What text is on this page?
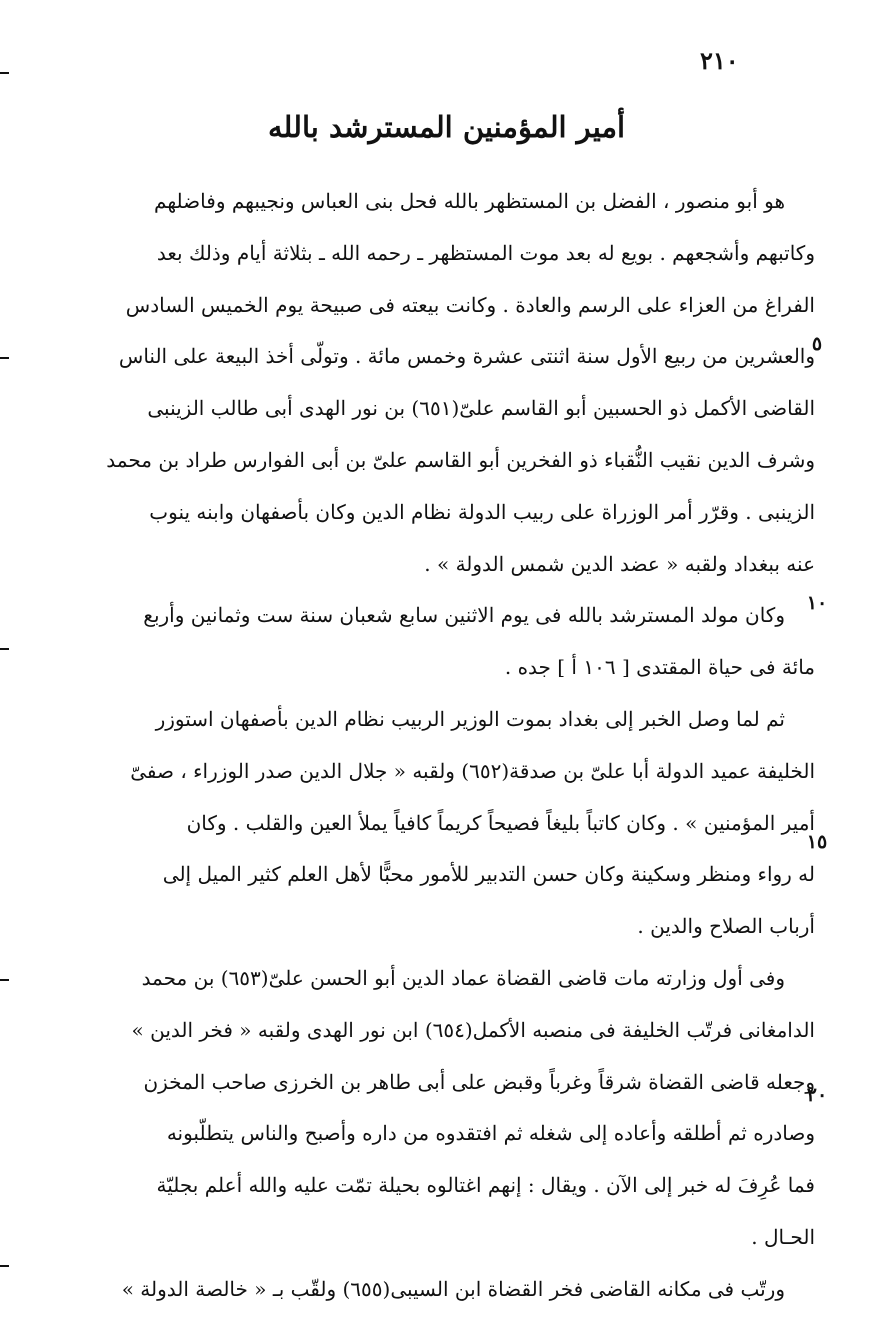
٢١٠
أمير المؤمنين المسترشد بالله
هو أبو منصور ، الفضل بن المستظهر بالله فحل بنى العباس ونجيبهم وفاضلهم
وكاتبهم وأشجعهم . بويع له بعد موت المستظهر ـ رحمه الله ـ بثلاثة أيام وذلك بعد
الفراغ من العزاء على الرسم والعادة . وكانت بيعته فى صبيحة يوم الخميس السادس
والعشرين من ربيع الأول سنة اثنتى عشرة وخمس مائة . وتولّى أخذ البيعة على الناس
القاضى الأكمل ذو الحسبين أبو القاسم علىّ(٦٥١) بن نور الهدى أبى طالب الزينبى
وشرف الدين نقيب النُّقباء ذو الفخرين أبو القاسم علىّ بن أبى الفوارس طراد بن محمد
الزينبى . وقرّر أمر الوزراة على ربيب الدولة نظام الدين وكان بأصفهان وابنه ينوب
عنه ببغداد ولقبه « عضد الدين شمس الدولة » .
وكان مولد المسترشد بالله فى يوم الاثنين سابع شعبان سنة ست وثمانين وأربع
مائة فى حياة المقتدى [ ١٠٦ أ ] جده .
ثم لما وصل الخبر إلى بغداد بموت الوزير الربيب نظام الدين بأصفهان استوزر
الخليفة عميد الدولة أبا علىّ بن صدقة(٦٥٢) ولقبه « جلال الدين صدر الوزراء ، صفىّ
أمير المؤمنين » . وكان كاتباً بليغاً فصيحاً كريماً كافياً يملأ العين والقلب . وكان
له رواء ومنظر وسكينة وكان حسن التدبير للأمور محبًّا لأهل العلم كثير الميل إلى
أرباب الصلاح والدين .
وفى أول وزارته مات قاضى القضاة عماد الدين أبو الحسن علىّ(٦٥٣) بن محمد
الدامغانى فرتّب الخليفة فى منصبه الأكمل(٦٥٤) ابن نور الهدى ولقبه « فخر الدين »
وجعله قاضى القضاة شرقاً وغرباً وقبض على أبى طاهر بن الخرزى صاحب المخزن
وصادره ثم أطلقه وأعاده إلى شغله ثم افتقدوه من داره وأصبح والناس يتطلّبونه
فما عُرِفَ له خبر إلى الآن . ويقال : إنهم اغتالوه بحيلة تمّت عليه والله أعلم بجليّة
الحـال .
ورتّب فى مكانه القاضى فخر القضاة ابن السيبى(٦٥٥) ولقّب بـ « خالصة الدولة »
٥
١٠
١٥
٢٠
